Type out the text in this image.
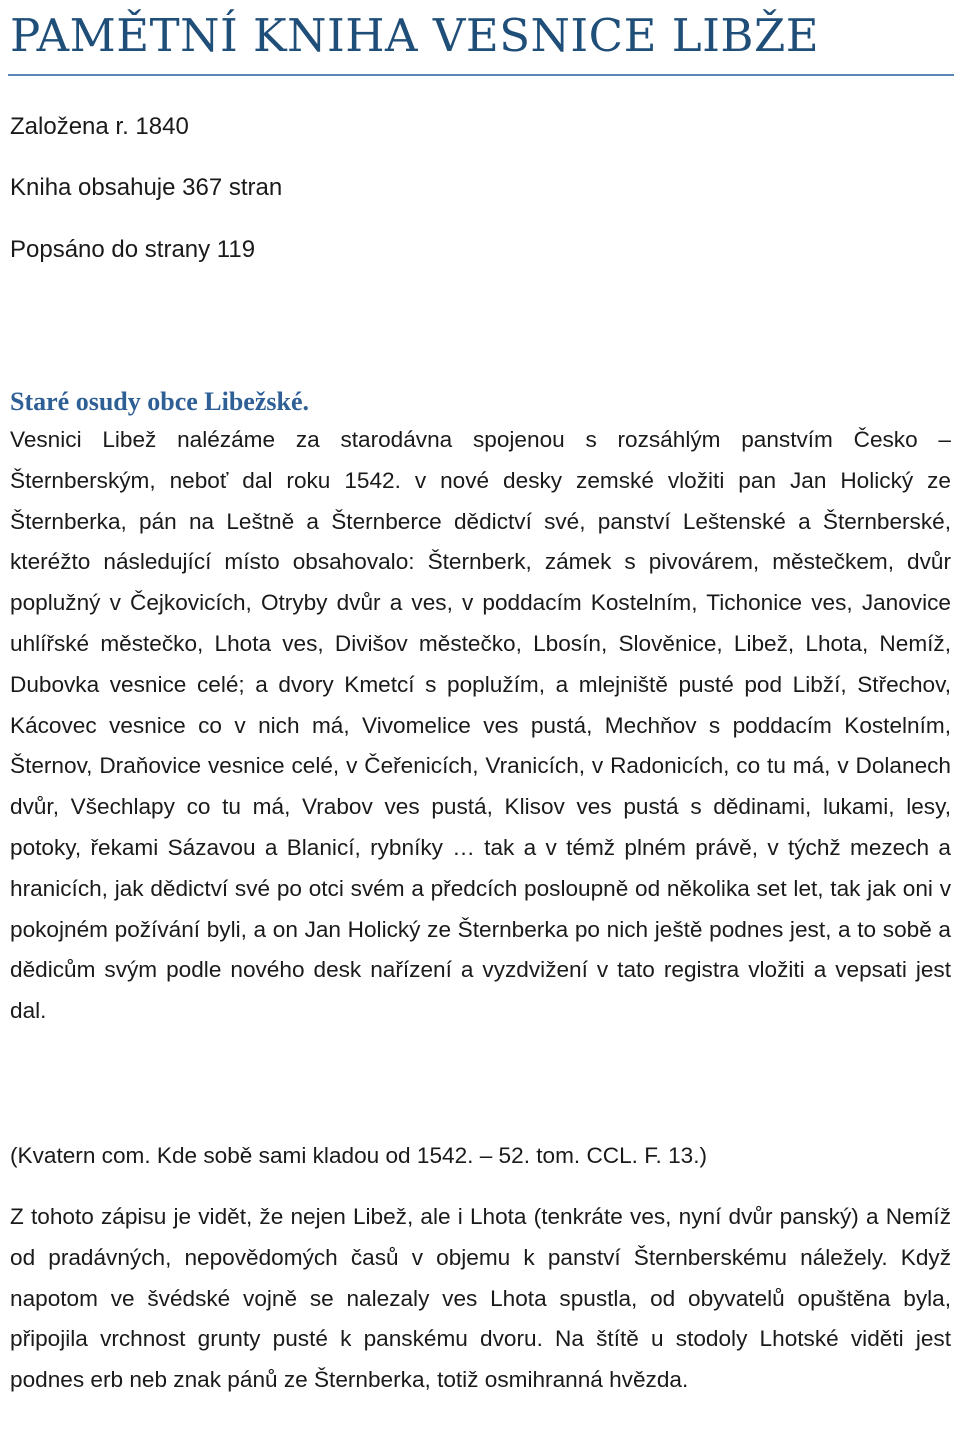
PAMĚTNÍ KNIHA VESNICE LIBŽE

Založena r. 1840

Kniha obsahuje 367 stran

Popsáno do strany 119

Staré osudy obce Libežské.

Vesnici Libež nalézáme za starodávna spojenou s rozsáhlým panstvím Česko – Šternberským, neboť dal roku 1542. v nové desky zemské vložiti pan Jan Holický ze Šternberka, pán na Leštně a Šternberce dědictví své, panství Leštenské a Šternberské, kteréžto následující místo obsahovalo: Šternberk, zámek s pivovárem, městečkem, dvůr poplužný v Čejkovicích, Otryby dvůr a ves, v poddacím Kostelním, Tichonice ves, Janovice uhlířské městečko, Lhota ves, Divišov městečko, Lbosín, Slověnice, Libež, Lhota, Nemíž, Dubovka vesnice celé; a dvory Kmetcí s poplužím, a mlejniště pusté pod Libží, Střechov, Kácovec vesnice co v nich má, Vivomelice ves pustá, Mechňov s poddacím Kostelním, Šternov, Draňovice vesnice celé, v Čeřenicích, Vranicích, v Radonicích, co tu má, v Dolanech dvůr, Všechlapy co tu má, Vrabov ves pustá, Klisov ves pustá s dědinami, lukami, lesy, potoky, řekami Sázavou a Blanicí, rybníky … tak a v témž plném právě, v týchž mezech a hranicích, jak dědictví své po otci svém a předcích posloupně od několika set let, tak jak oni v pokojném požívání byli, a on Jan Holický ze Šternberka po nich ještě podnes jest, a to sobě a dědicům svým podle nového desk nařízení a vyzdvižení v tato registra vložiti a vepsati jest dal.

(Kvatern com. Kde sobě sami kladou od 1542. – 52. tom. CCL. F. 13.)

Z tohoto zápisu je vidět, že nejen Libež, ale i Lhota (tenkráte ves, nyní dvůr panský) a Nemíž od pradávných, nepovědomých časů v objemu k panství Šternberskému náležely. Když napotom ve švédské vojně se nalezaly ves Lhota spustla, od obyvatelů opuštěna byla, připojila vrchnost grunty pusté k panskému dvoru. Na štítě u stodoly Lhotské viděti jest podnes erb neb znak pánů ze Šternberka, totiž osmihranná hvězda.
